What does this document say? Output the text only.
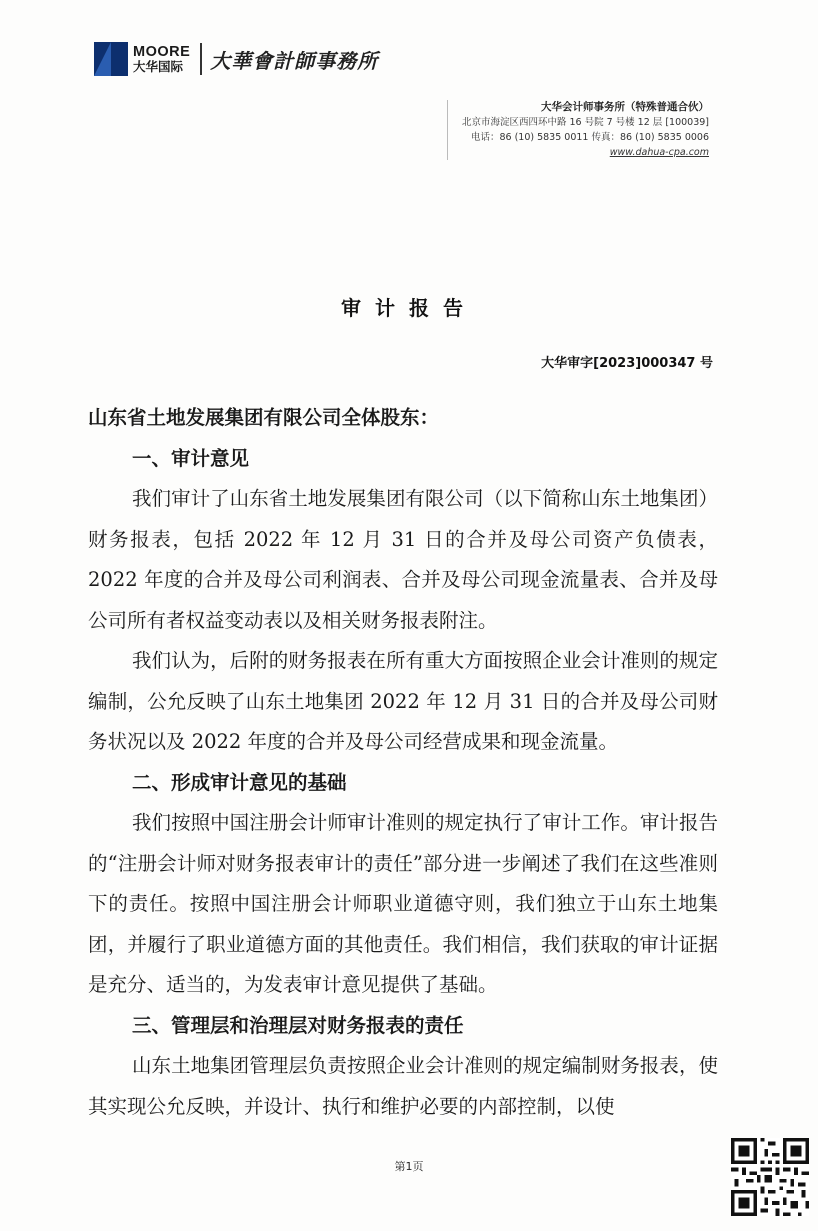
MOORE
大华国际	大華會計師事務所
大华会计师事务所（特殊普通合伙）
北京市海淀区西四环中路 16 号院 7 号楼 12 层 [100039]
电话：86 (10) 5835 0011 传真：86 (10) 5835 0006
www.dahua-cpa.com
审计报告
大华审字[2023]000347 号

山东省土地发展集团有限公司全体股东：

一、审计意见

我们审计了山东省土地发展集团有限公司（以下简称山东土地集团）财务报表，包括 2022 年 12 月 31 日的合并及母公司资产负债表，2022 年度的合并及母公司利润表、合并及母公司现金流量表、合并及母公司所有者权益变动表以及相关财务报表附注。

我们认为，后附的财务报表在所有重大方面按照企业会计准则的规定编制，公允反映了山东土地集团 2022 年 12 月 31 日的合并及母公司财务状况以及 2022 年度的合并及母公司经营成果和现金流量。

二、形成审计意见的基础

我们按照中国注册会计师审计准则的规定执行了审计工作。审计报告的“注册会计师对财务报表审计的责任”部分进一步阐述了我们在这些准则下的责任。按照中国注册会计师职业道德守则，我们独立于山东土地集团，并履行了职业道德方面的其他责任。我们相信，我们获取的审计证据是充分、适当的，为发表审计意见提供了基础。

三、管理层和治理层对财务报表的责任

山东土地集团管理层负责按照企业会计准则的规定编制财务报表，使其实现公允反映，并设计、执行和维护必要的内部控制，以使

第1页
